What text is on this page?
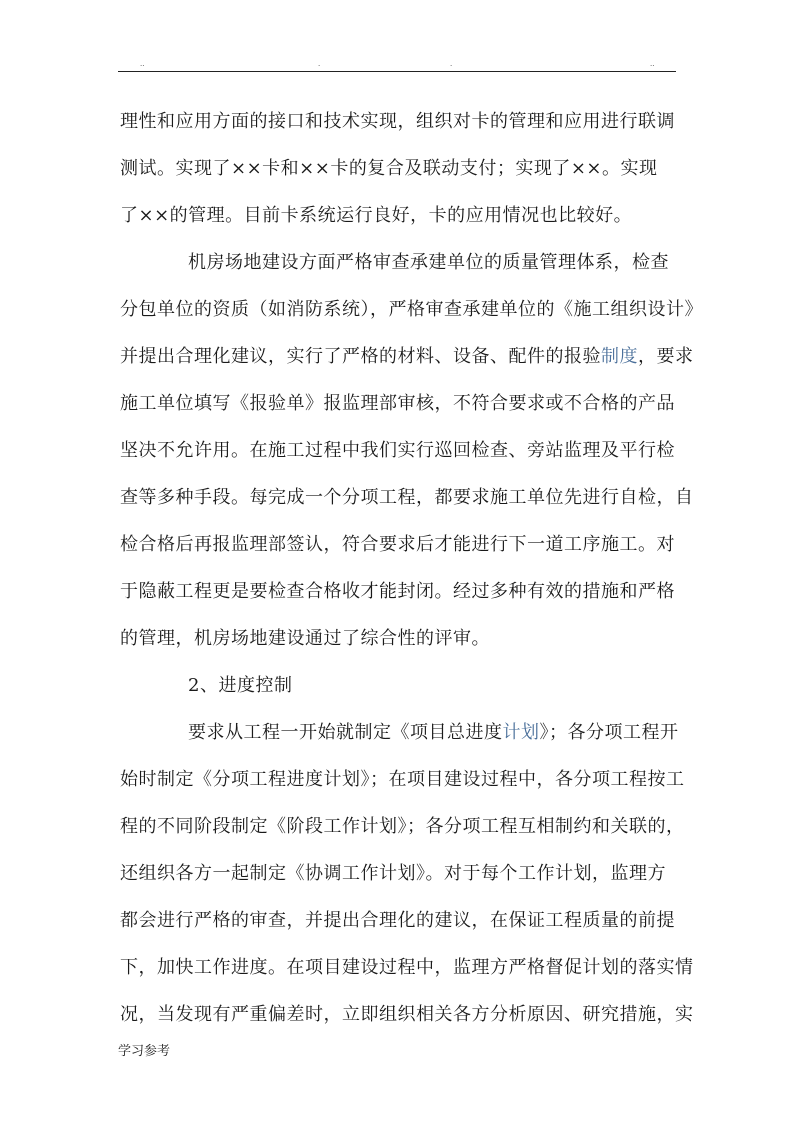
..	.	.	..
理性和应用方面的接口和技术实现，组织对卡的管理和应用进行联调
测试。实现了××卡和××卡的复合及联动支付；实现了××。实现
了××的管理。目前卡系统运行良好，卡的应用情况也比较好。
机房场地建设方面严格审查承建单位的质量管理体系，检查
分包单位的资质（如消防系统），严格审查承建单位的《施工组织设计》
并提出合理化建议，实行了严格的材料、设备、配件的报验制度，要求
施工单位填写《报验单》报监理部审核，不符合要求或不合格的产品
坚决不允许用。在施工过程中我们实行巡回检查、旁站监理及平行检
查等多种手段。每完成一个分项工程，都要求施工单位先进行自检，自
检合格后再报监理部签认，符合要求后才能进行下一道工序施工。对
于隐蔽工程更是要检查合格收才能封闭。经过多种有效的措施和严格
的管理，机房场地建设通过了综合性的评审。
2、进度控制
要求从工程一开始就制定《项目总进度计划》；各分项工程开
始时制定《分项工程进度计划》；在项目建设过程中，各分项工程按工
程的不同阶段制定《阶段工作计划》；各分项工程互相制约和关联的，
还组织各方一起制定《协调工作计划》。对于每个工作计划，监理方
都会进行严格的审查，并提出合理化的建议，在保证工程质量的前提
下，加快工作进度。在项目建设过程中，监理方严格督促计划的落实情
况，当发现有严重偏差时，立即组织相关各方分析原因、研究措施，实
学习参考
